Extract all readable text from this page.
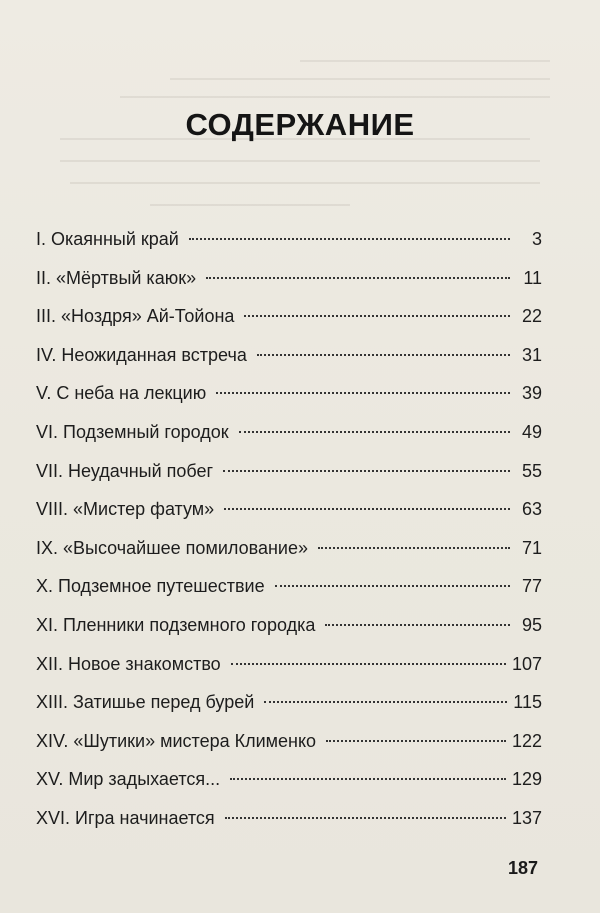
СОДЕРЖАНИЕ
I. Окаянный край	3
II. «Мёртвый каюк»	11
III. «Ноздря» Ай-Тойона	22
IV. Неожиданная встреча	31
V. С неба на лекцию	39
VI. Подземный городок	49
VII. Неудачный побег	55
VIII. «Мистер фатум»	63
IX. «Высочайшее помилование»	71
X. Подземное путешествие	77
XI. Пленники подземного городка	95
XII. Новое знакомство	107
XIII. Затишье перед бурей	115
XIV. «Шутики» мистера Клименко	122
XV. Мир задыхается...	129
XVI. Игра начинается	137
187
